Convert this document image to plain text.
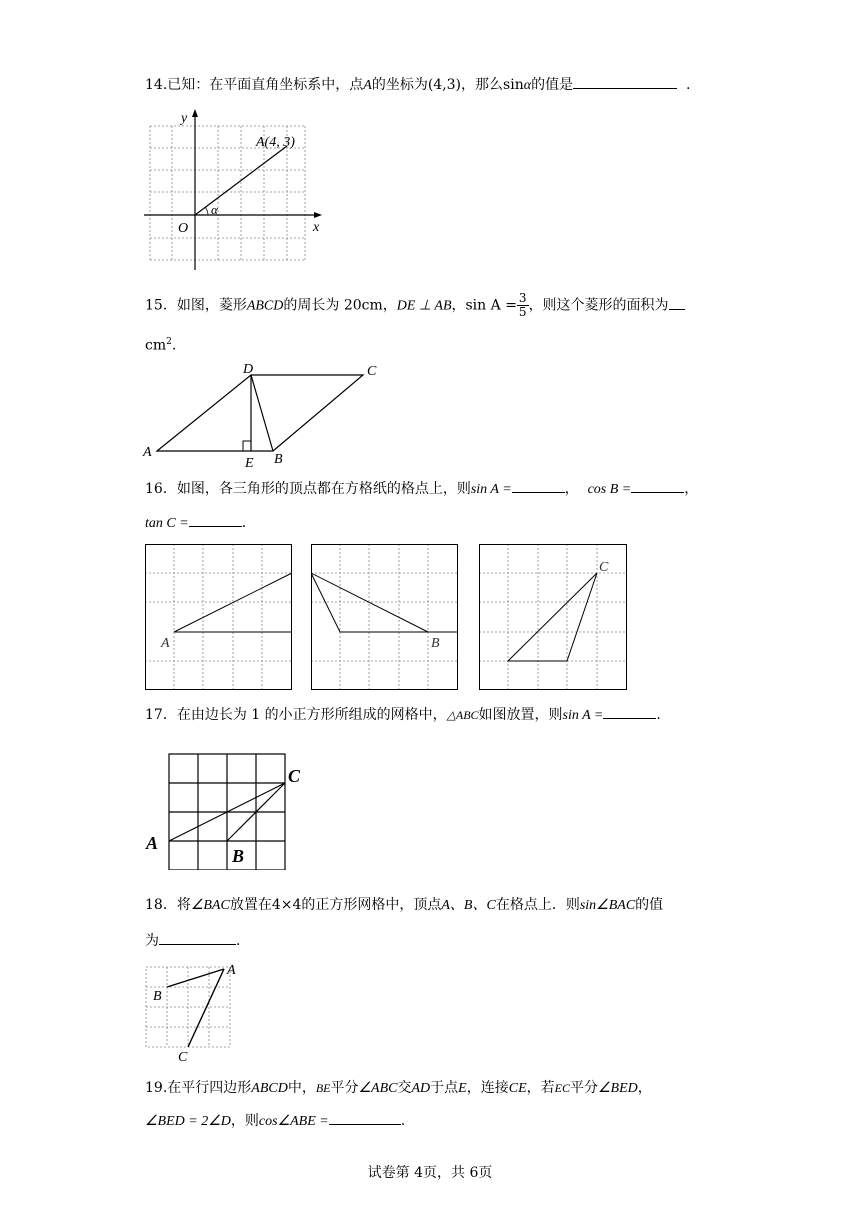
14.已知：在平面直角坐标系中，点A的坐标为(4,3)，那么sinα的值是	.
y
x
O
α
A(4, 3)
15．如图，菱形ABCD的周长为 20cm，DE ⊥ AB，$\sin A = \frac{3}{5}$ ，则这个菱形的面积为
$cm^2$.
D	C
A
E B
16．如图，各三角形的顶点都在方格纸的格点上，则sin A =	， cos B =	，
tan C =	.
A	B
C
17．在由边长为 1 的小正方形所组成的网格中，△ABC如图放置，则sin A =	.
C
A
B
18．将∠BAC放置在4×4的正方形网格中，顶点A、B、C在格点上．则sin∠BAC的值
为	.
A
B
C
19.在平行四边形ABCD中，BE平分∠ABC交AD于点E，连接CE，若EC平分∠BED，
∠BED = 2∠D，则cos∠ABE =	.
试卷第 4页，共 6页
